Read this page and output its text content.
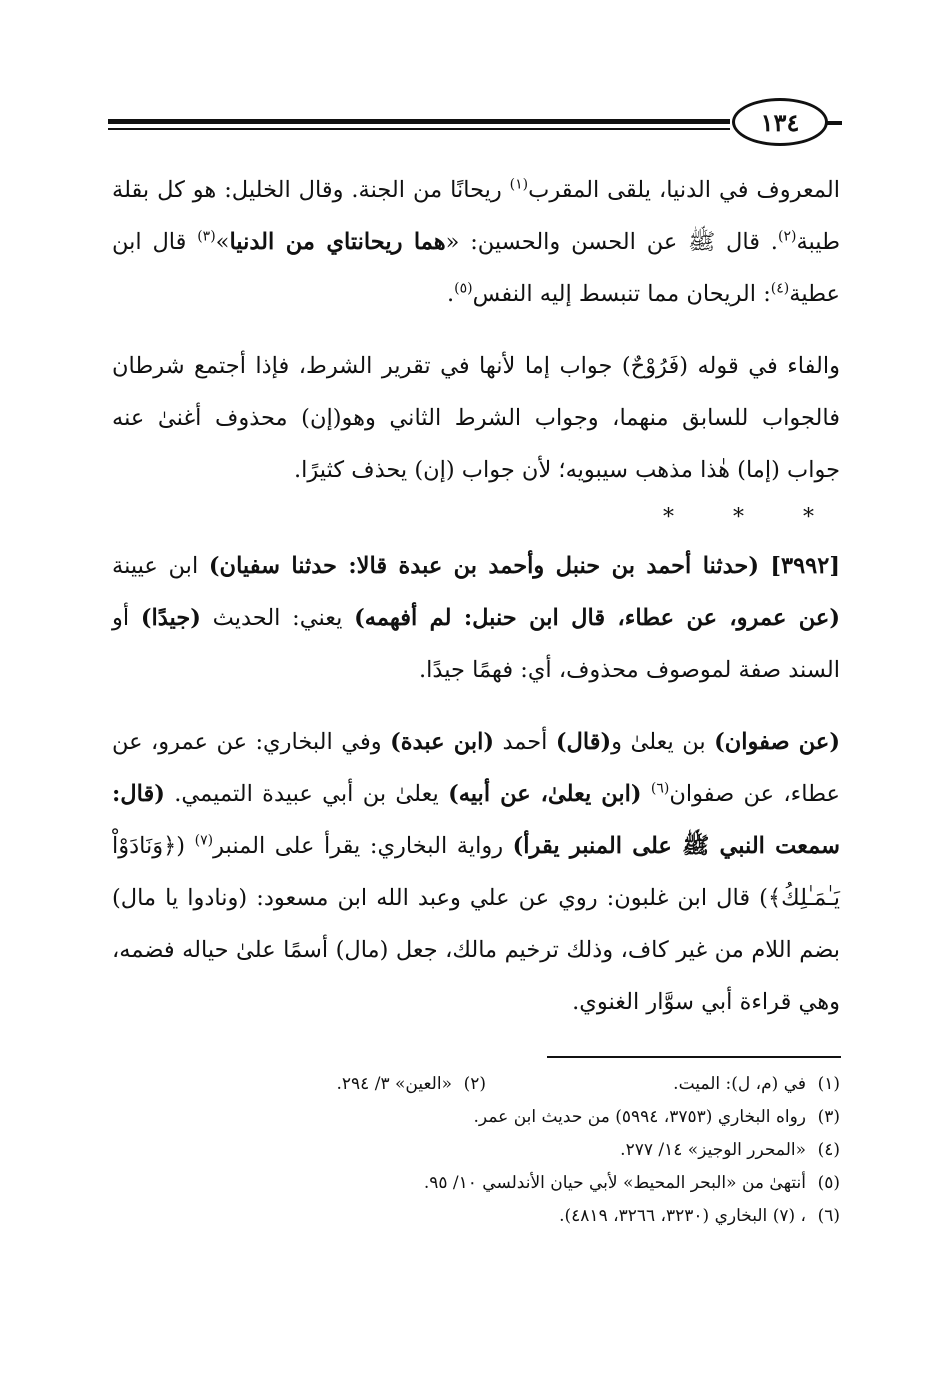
١٣٤

المعروف في الدنيا، يلقى المقرب$^{(١)}$ ريحانًا من الجنة. وقال الخليل: هو كل بقلة طيبة$^{(٢)}$. قال ﷺ عن الحسن والحسين: «هما ريحانتاي من الدنيا»$^{(٣)}$ قال ابن عطية$^{(٤)}$: الريحان مما تنبسط إليه النفس$^{(٥)}$.

والفاء في قوله (فَرُوْحٌ) جواب إما لأنها في تقرير الشرط، فإذا أجتمع شرطان فالجواب للسابق منهما، وجواب الشرط الثاني وهو(إن) محذوف أغنىٰ عنه جواب (إما) هٰذا مذهب سيبويه؛ لأن جواب (إن) يحذف كثيرًا.

* * *

[٣٩٩٢] (حدثنا أحمد بن حنبل وأحمد بن عبدة قالا: حدثنا سفيان) ابن عيينة (عن عمرو، عن عطاء، قال ابن حنبل: لم أفهمه) يعني: الحديث (جيدًا) أو السند صفة لموصوف محذوف، أي: فهمًا جيدًا.

(عن صفوان) بن يعلىٰ و(قال) أحمد (ابن عبدة) وفي البخاري: عن عمرو، عن عطاء، عن صفوان$^{(٦)}$ (ابن يعلىٰ، عن أبيه) يعلىٰ بن أبي عبيدة التميمي. (قال: سمعت النبي ﷺ على المنبر يقرأ) رواية البخاري: يقرأ على المنبر$^{(٧)}$ (﴿وَنَادَوْاْ يَـٰمَـٰلِكُ﴾) قال ابن غلبون: روي عن علي وعبد الله ابن مسعود: (ونادوا يا مال) بضم اللام من غير كاف، وذلك ترخيم مالك، جعل (مال) أسمًا علىٰ حياله فضمه، وهي قراءة أبي سوَّار الغنوي.

(١)
في (م، ل): الميت.
(٢)
«العين» ٣/ ٢٩٤.
(٣)
رواه البخاري (٣٧٥٣، ٥٩٩٤) من حديث ابن عمر.
(٤)
«المحرر الوجيز» ١٤/ ٢٧٧.
(٥)
أنتهىٰ من «البحر المحيط» لأبي حيان الأندلسي ١٠/ ٩٥.
(٦)
، (٧) البخاري (٣٢٣٠، ٣٢٦٦، ٤٨١٩).
